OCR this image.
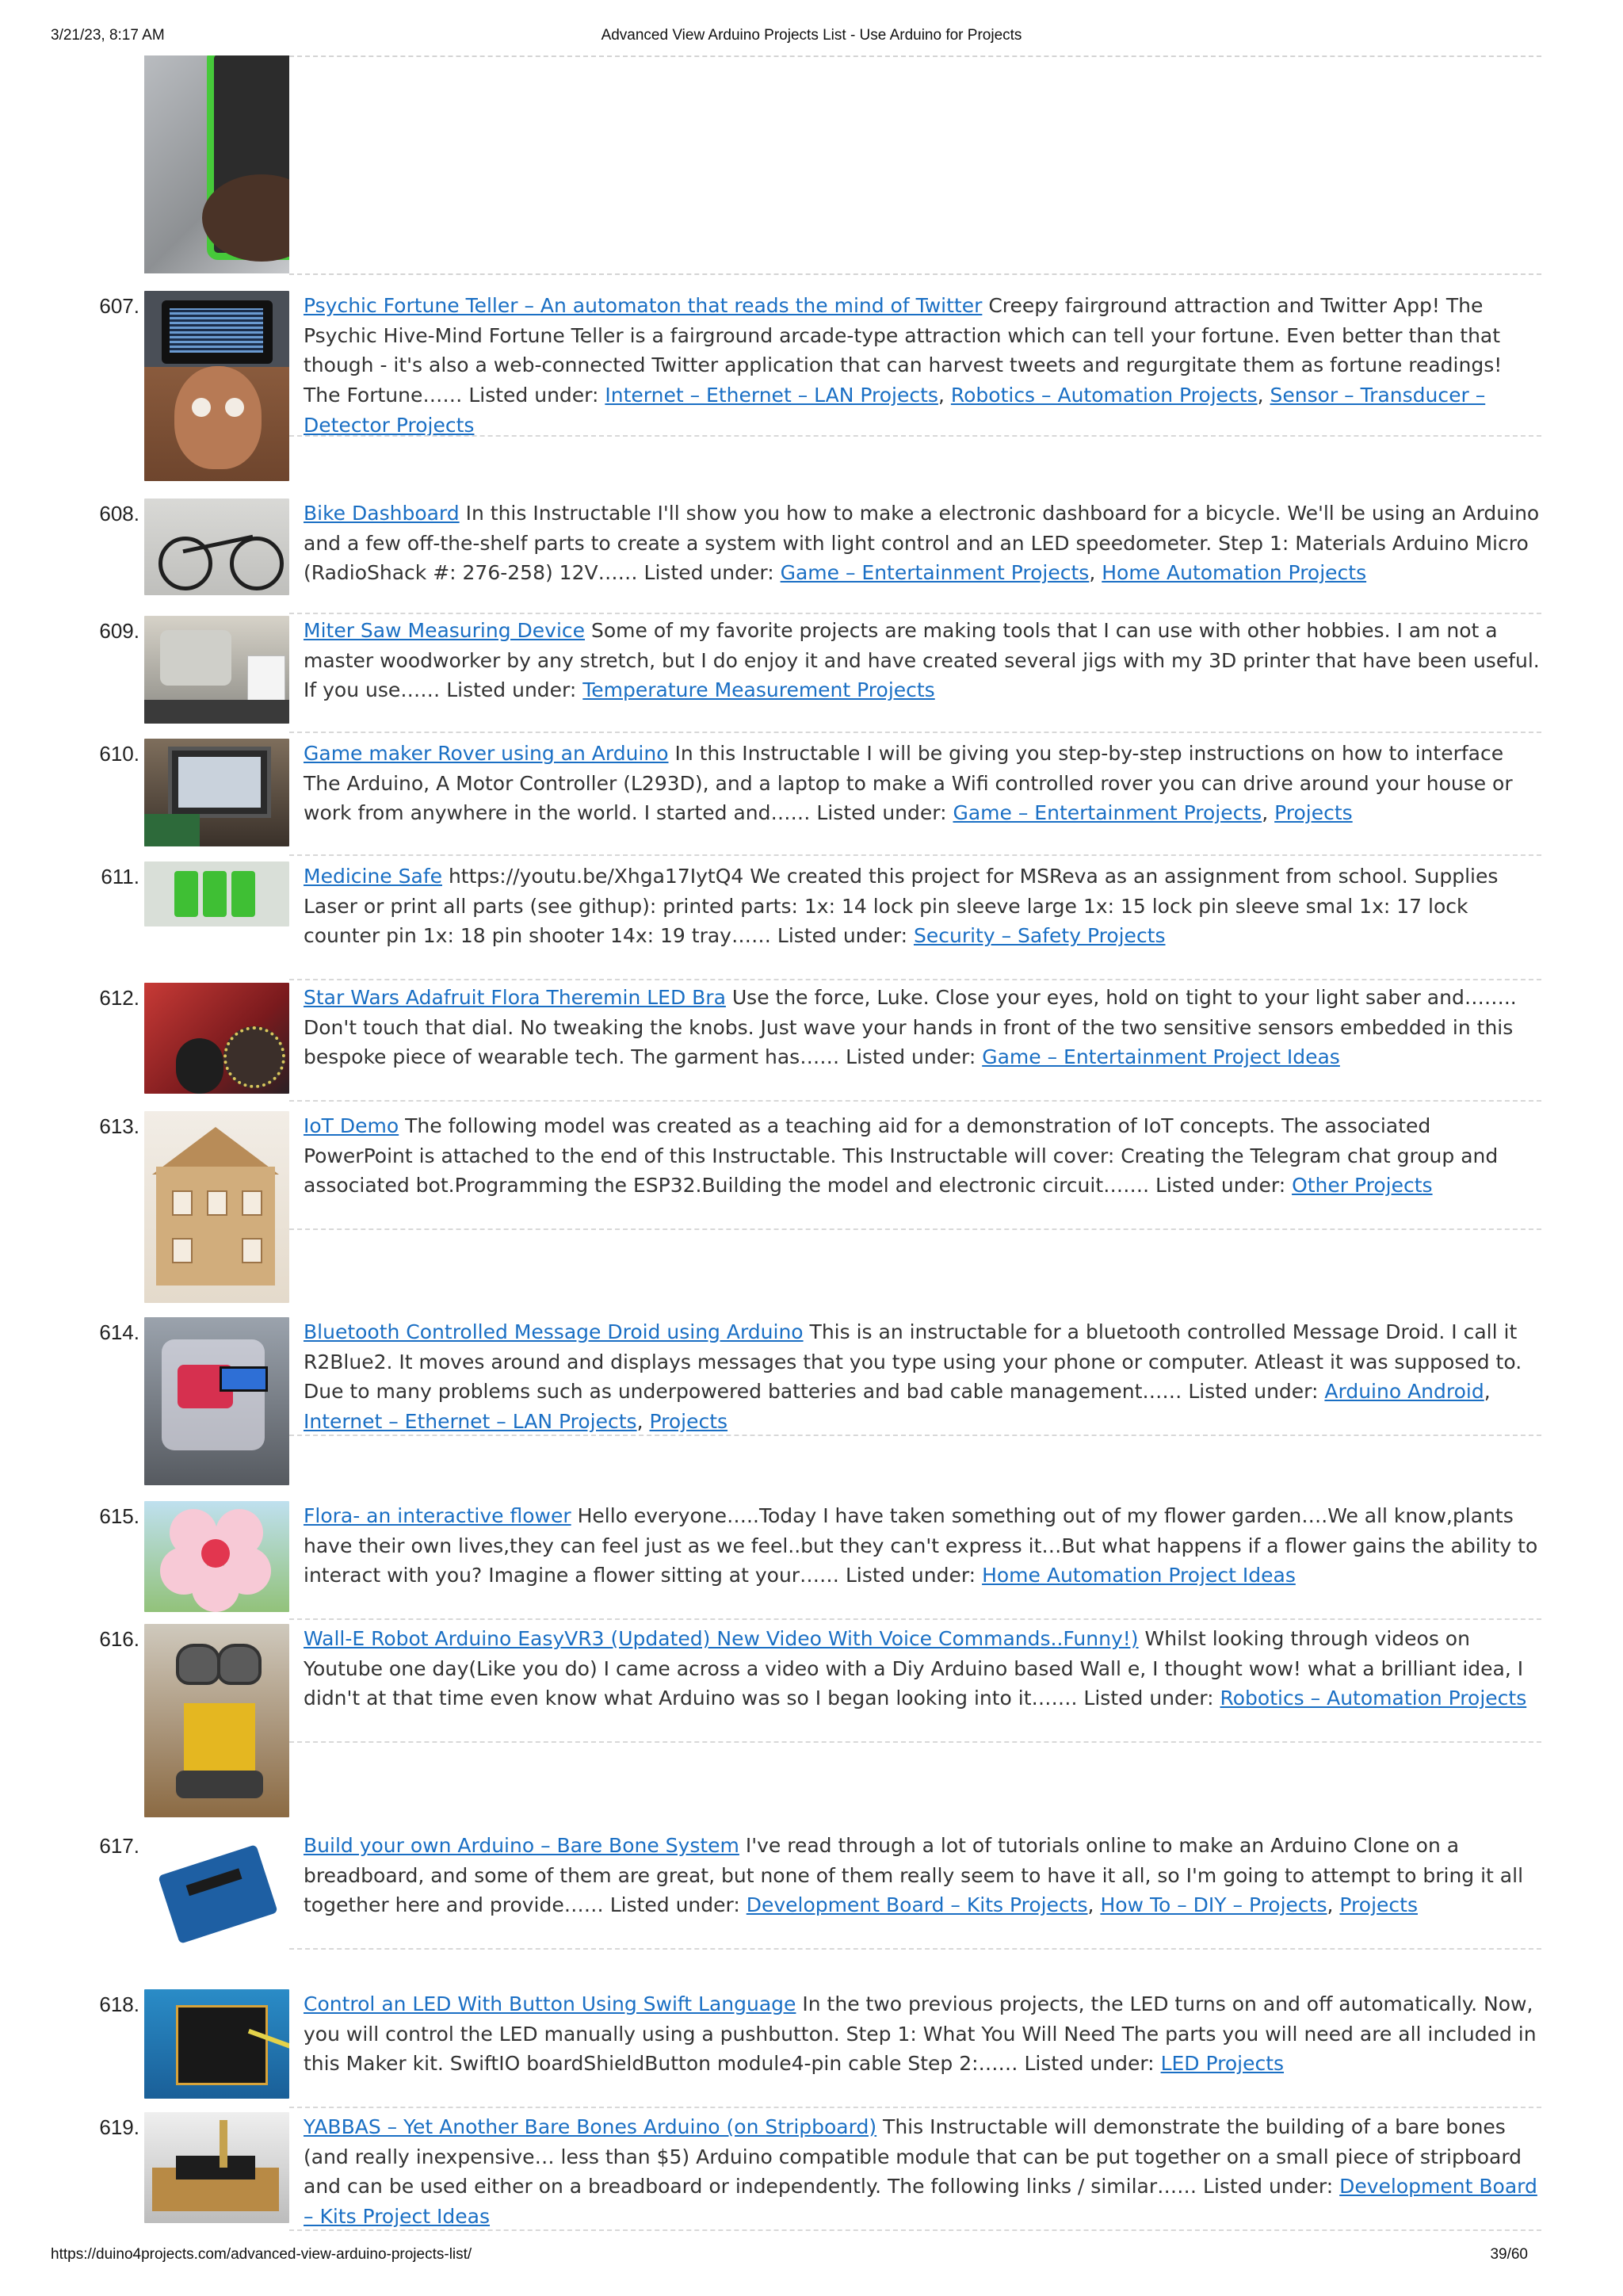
3/21/23, 8:17 AM	Advanced View Arduino Projects List - Use Arduino for Projects
607.	Psychic Fortune Teller – An automaton that reads the mind of Twitter Creepy fairground attraction and Twitter App! The Psychic Hive-Mind Fortune Teller is a fairground arcade-type attraction which can tell your fortune. Even better than that though - it's also a web-connected Twitter application that can harvest tweets and regurgitate them as fortune readings! The Fortune…… Listed under: Internet – Ethernet – LAN Projects, Robotics – Automation Projects, Sensor – Transducer – Detector Projects
608.	Bike Dashboard In this Instructable I'll show you how to make a electronic dashboard for a bicycle. We'll be using an Arduino and a few off-the-shelf parts to create a system with light control and an LED speedometer. Step 1: Materials Arduino Micro (RadioShack #: 276-258) 12V…… Listed under: Game – Entertainment Projects, Home Automation Projects
609.	Miter Saw Measuring Device Some of my favorite projects are making tools that I can use with other hobbies. I am not a master woodworker by any stretch, but I do enjoy it and have created several jigs with my 3D printer that have been useful. If you use…… Listed under: Temperature Measurement Projects
610.	Game maker Rover using an Arduino In this Instructable I will be giving you step-by-step instructions on how to interface The Arduino, A Motor Controller (L293D), and a laptop to make a Wifi controlled rover you can drive around your house or work from anywhere in the world. I started and…… Listed under: Game – Entertainment Projects, Projects
611.	Medicine Safe https://youtu.be/Xhga17IytQ4 We created this project for MSReva as an assignment from school. Supplies Laser or print all parts (see githup): printed parts: 1x: 14 lock pin sleeve large 1x: 15 lock pin sleeve smal 1x: 17 lock counter pin 1x: 18 pin shooter 14x: 19 tray…… Listed under: Security – Safety Projects
612.	Star Wars Adafruit Flora Theremin LED Bra Use the force, Luke. Close your eyes, hold on tight to your light saber and…….. Don't touch that dial. No tweaking the knobs. Just wave your hands in front of the two sensitive sensors embedded in this bespoke piece of wearable tech. The garment has…… Listed under: Game – Entertainment Project Ideas
613.	IoT Demo The following model was created as a teaching aid for a demonstration of IoT concepts. The associated PowerPoint is attached to the end of this Instructable. This Instructable will cover: Creating the Telegram chat group and associated bot.Programming the ESP32.Building the model and electronic circuit……. Listed under: Other Projects
614.	Bluetooth Controlled Message Droid using Arduino This is an instructable for a bluetooth controlled Message Droid. I call it R2Blue2. It moves around and displays messages that you type using your phone or computer. Atleast it was supposed to. Due to many problems such as underpowered batteries and bad cable management…… Listed under: Arduino Android, Internet – Ethernet – LAN Projects, Projects
615.	Flora- an interactive flower Hello everyone…..Today I have taken something out of my flower garden….We all know,plants have their own lives,they can feel just as we feel..but they can't express it…But what happens if a flower gains the ability to interact with you? Imagine a flower sitting at your…… Listed under: Home Automation Project Ideas
616.	Wall-E Robot Arduino EasyVR3 (Updated) New Video With Voice Commands..Funny!) Whilst looking through videos on Youtube one day(Like you do) I came across a video with a Diy Arduino based Wall e, I thought wow! what a brilliant idea, I didn't at that time even know what Arduino was so I began looking into it……. Listed under: Robotics – Automation Projects
617.	Build your own Arduino – Bare Bone System I've read through a lot of tutorials online to make an Arduino Clone on a breadboard, and some of them are great, but none of them really seem to have it all, so I'm going to attempt to bring it all together here and provide…… Listed under: Development Board – Kits Projects, How To – DIY – Projects, Projects
618.	Control an LED With Button Using Swift Language In the two previous projects, the LED turns on and off automatically. Now, you will control the LED manually using a pushbutton. Step 1: What You Will Need The parts you will need are all included in this Maker kit. SwiftIO boardShieldButton module4-pin cable Step 2:…… Listed under: LED Projects
619.	YABBAS – Yet Another Bare Bones Arduino (on Stripboard) This Instructable will demonstrate the building of a bare bones (and really inexpensive… less than $5) Arduino compatible module that can be put together on a small piece of stripboard and can be used either on a breadboard or independently. The following links / similar…… Listed under: Development Board – Kits Project Ideas
https://duino4projects.com/advanced-view-arduino-projects-list/	39/60
